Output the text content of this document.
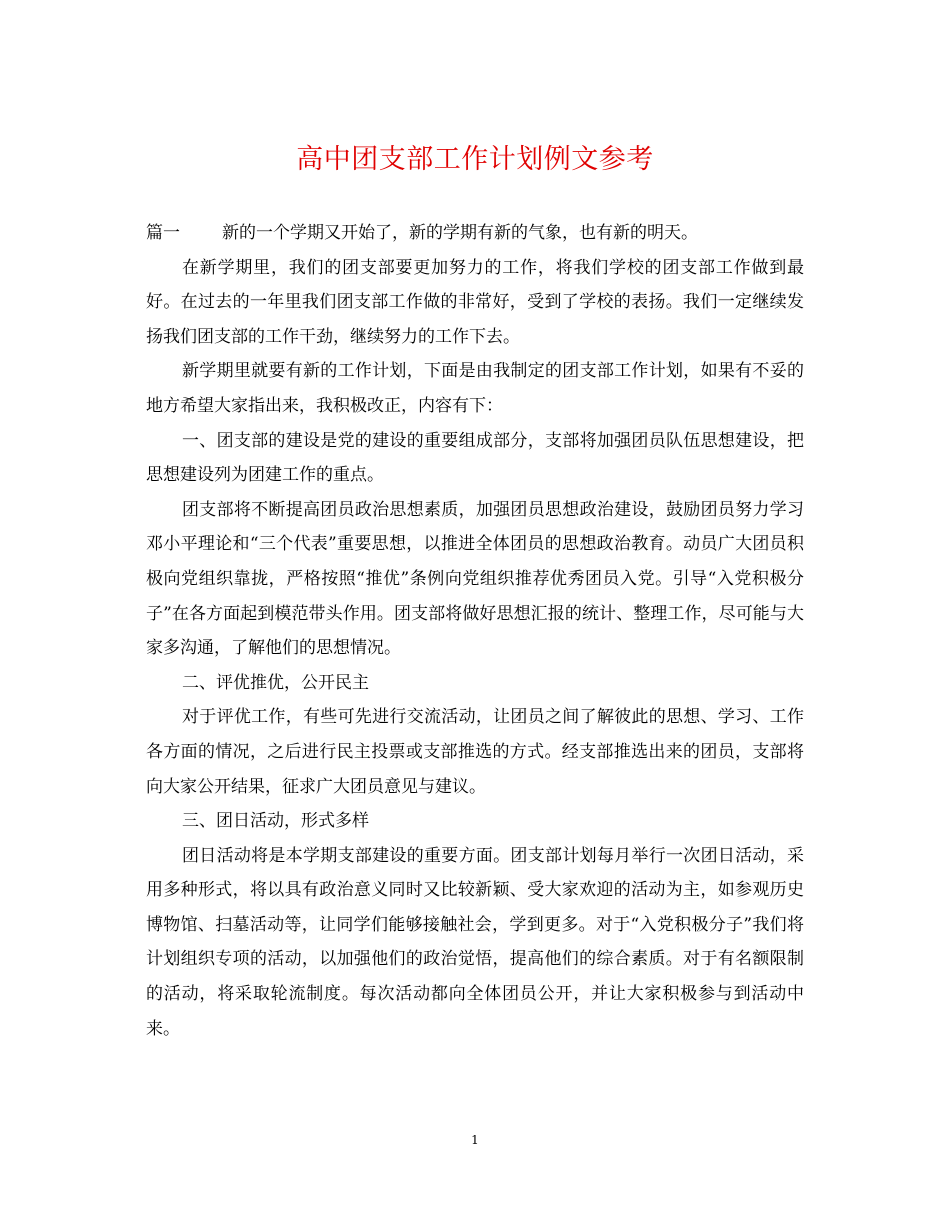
高中团支部工作计划例文参考

篇一 新的一个学期又开始了，新的学期有新的气象，也有新的明天。

在新学期里，我们的团支部要更加努力的工作，将我们学校的团支部工作做到最好。在过去的一年里我们团支部工作做的非常好，受到了学校的表扬。我们一定继续发扬我们团支部的工作干劲，继续努力的工作下去。

新学期里就要有新的工作计划，下面是由我制定的团支部工作计划，如果有不妥的地方希望大家指出来，我积极改正，内容有下：

一、团支部的建设是党的建设的重要组成部分，支部将加强团员队伍思想建设，把思想建设列为团建工作的重点。

团支部将不断提高团员政治思想素质，加强团员思想政治建设，鼓励团员努力学习邓小平理论和“三个代表”重要思想，以推进全体团员的思想政治教育。动员广大团员积极向党组织靠拢，严格按照“推优”条例向党组织推荐优秀团员入党。引导“入党积极分子”在各方面起到模范带头作用。团支部将做好思想汇报的统计、整理工作，尽可能与大家多沟通，了解他们的思想情况。

二、评优推优，公开民主

对于评优工作，有些可先进行交流活动，让团员之间了解彼此的思想、学习、工作各方面的情况，之后进行民主投票或支部推选的方式。经支部推选出来的团员，支部将向大家公开结果，征求广大团员意见与建议。

三、团日活动，形式多样

团日活动将是本学期支部建设的重要方面。团支部计划每月举行一次团日活动，采用多种形式，将以具有政治意义同时又比较新颖、受大家欢迎的活动为主，如参观历史博物馆、扫墓活动等，让同学们能够接触社会，学到更多。对于“入党积极分子”我们将计划组织专项的活动，以加强他们的政治觉悟，提高他们的综合素质。对于有名额限制的活动，将采取轮流制度。每次活动都向全体团员公开，并让大家积极参与到活动中来。

1
